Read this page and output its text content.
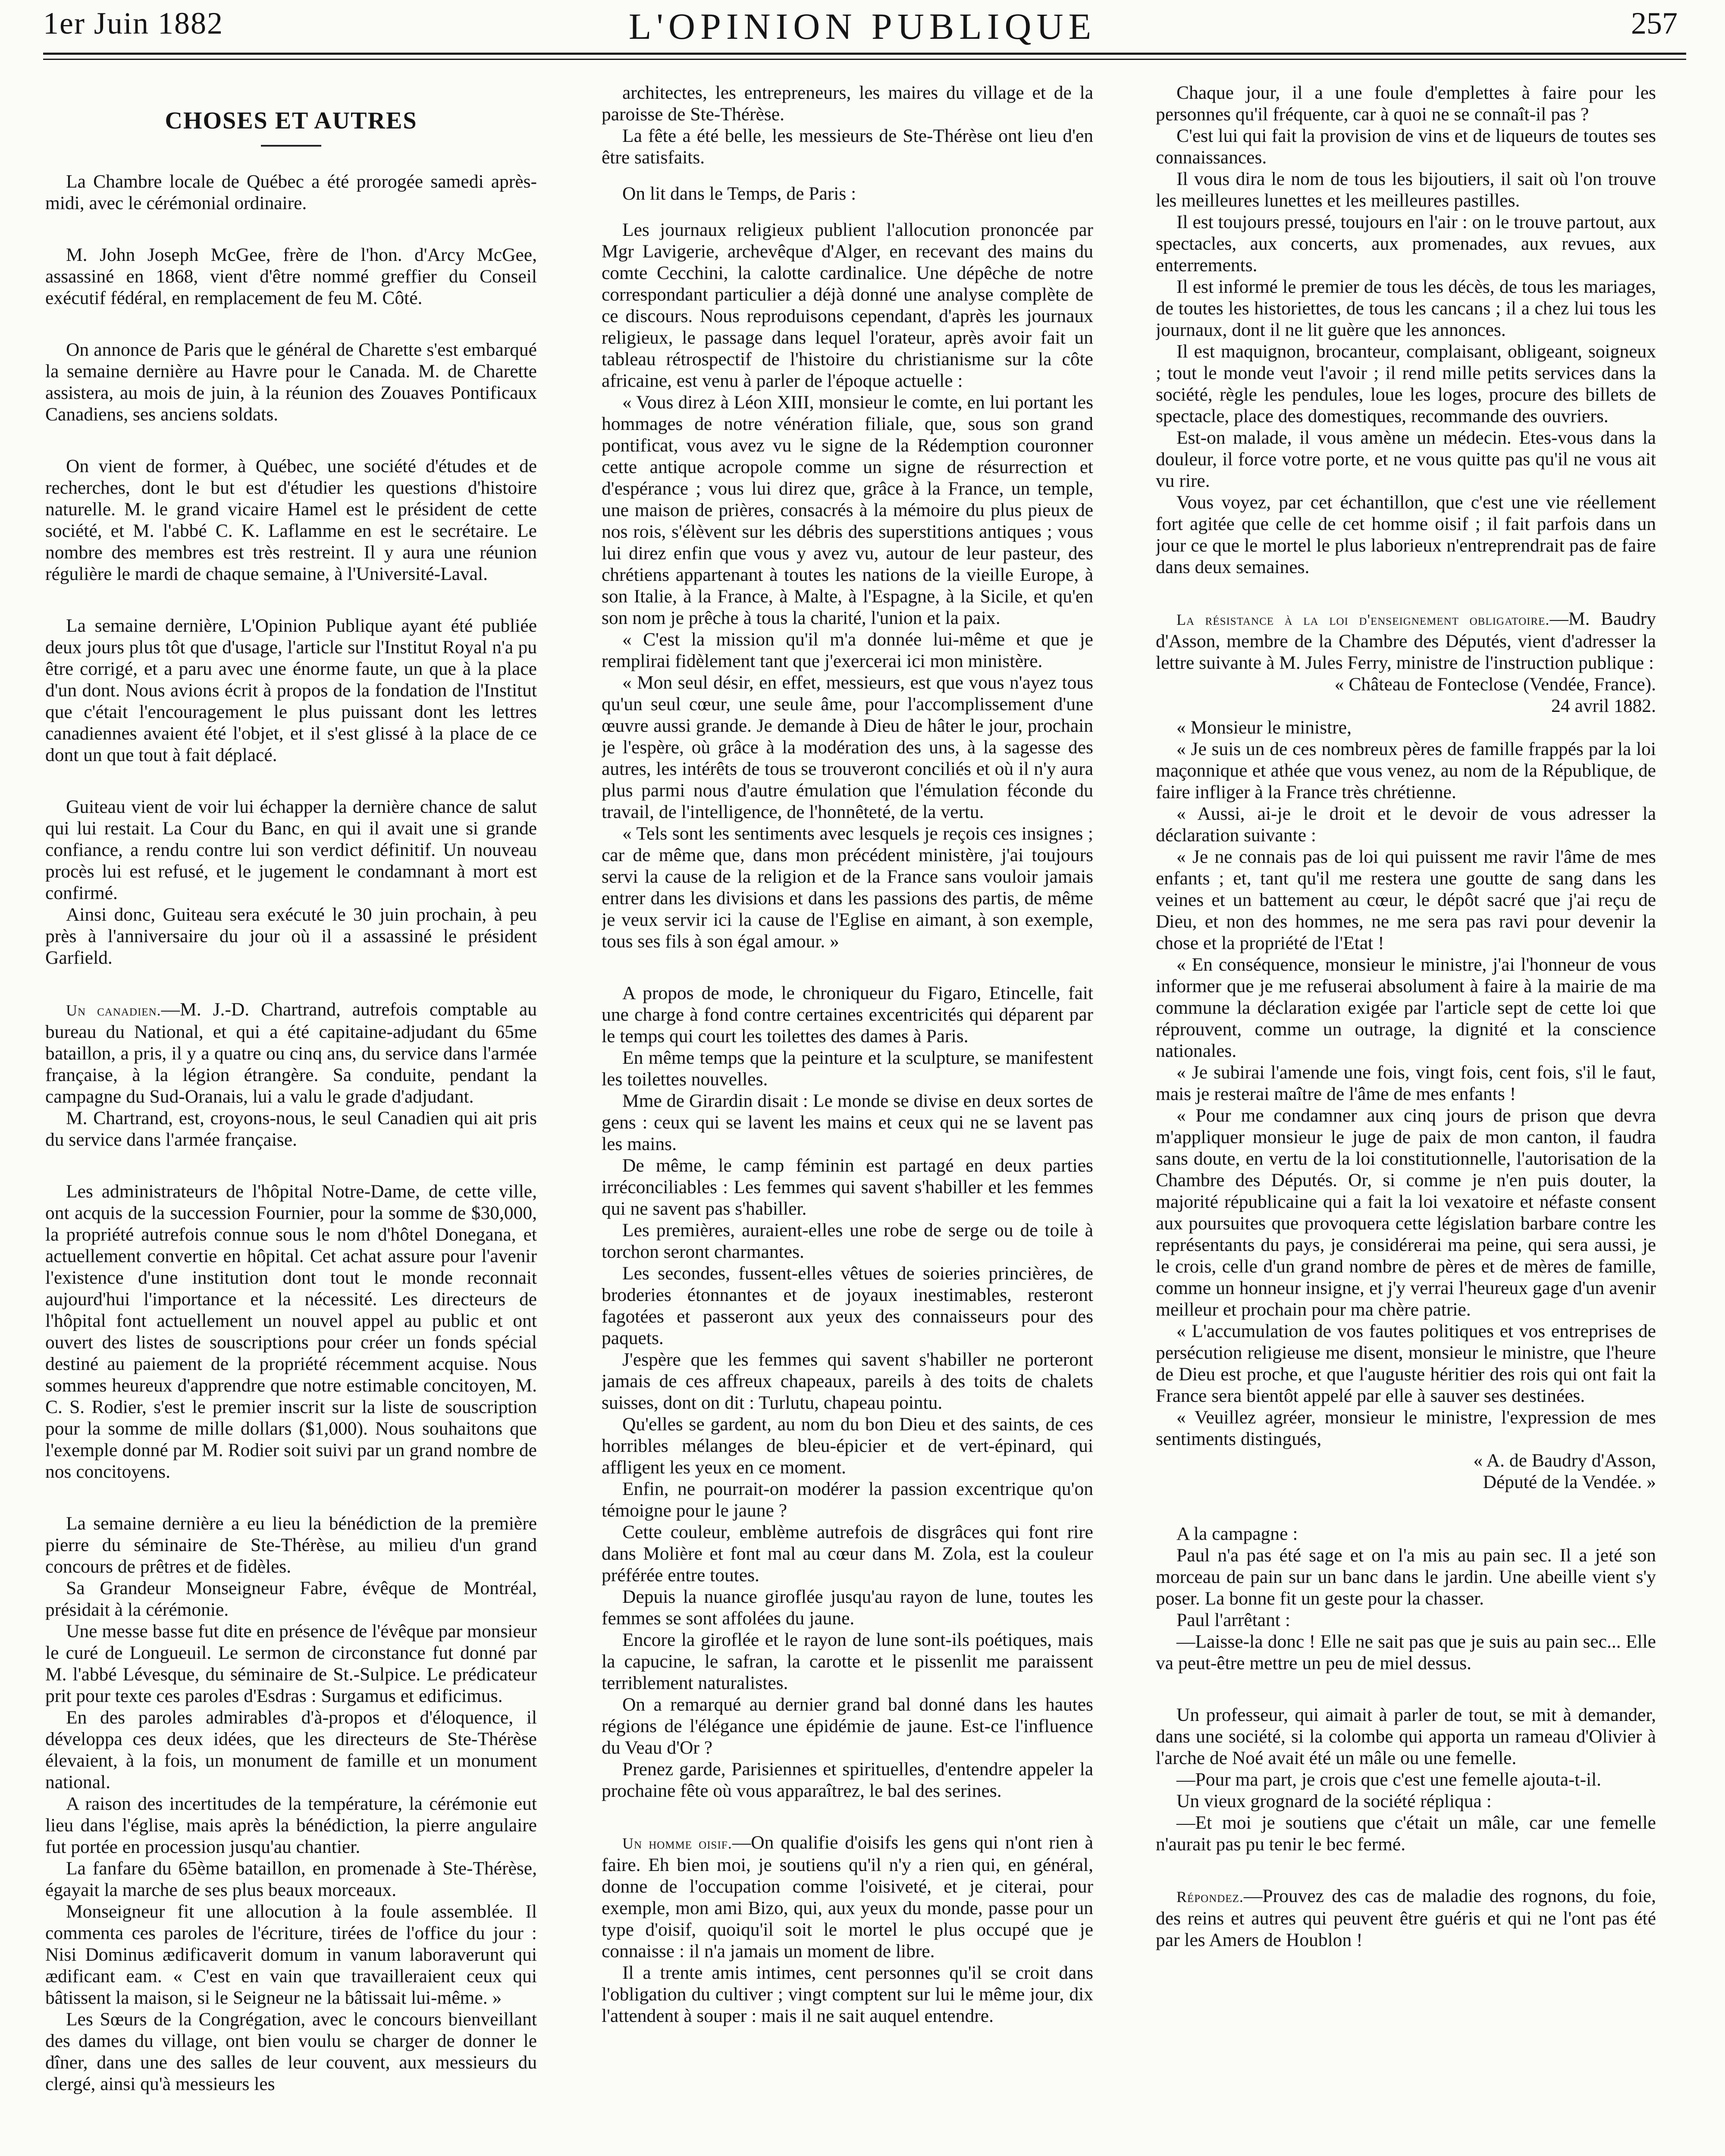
1er Juin 1882	L'OPINION PUBLIQUE	257
CHOSES ET AUTRES

La Chambre locale de Québec a été prorogée samedi après-midi, avec le cérémonial ordinaire.

M. John Joseph McGee, frère de l'hon. d'Arcy McGee, assassiné en 1868, vient d'être nommé greffier du Conseil exécutif fédéral, en remplacement de feu M. Côté.

On annonce de Paris que le général de Charette s'est embarqué la semaine dernière au Havre pour le Canada. M. de Charette assistera, au mois de juin, à la réunion des Zouaves Pontificaux Canadiens, ses anciens soldats.

On vient de former, à Québec, une société d'études et de recherches, dont le but est d'étudier les questions d'histoire naturelle. M. le grand vicaire Hamel est le président de cette société, et M. l'abbé C. K. Laflamme en est le secrétaire. Le nombre des membres est très restreint. Il y aura une réunion régulière le mardi de chaque semaine, à l'Université-Laval.

La semaine dernière, L'Opinion Publique ayant été publiée deux jours plus tôt que d'usage, l'article sur l'Institut Royal n'a pu être corrigé, et a paru avec une énorme faute, un que à la place d'un dont. Nous avions écrit à propos de la fondation de l'Institut que c'était l'encouragement le plus puissant dont les lettres canadiennes avaient été l'objet, et il s'est glissé à la place de ce dont un que tout à fait déplacé.

Guiteau vient de voir lui échapper la dernière chance de salut qui lui restait. La Cour du Banc, en qui il avait une si grande confiance, a rendu contre lui son verdict définitif. Un nouveau procès lui est refusé, et le jugement le condamnant à mort est confirmé.

Ainsi donc, Guiteau sera exécuté le 30 juin prochain, à peu près à l'anniversaire du jour où il a assassiné le président Garfield.

Un canadien.—M. J.-D. Chartrand, autrefois comptable au bureau du National, et qui a été capitaine-adjudant du 65me bataillon, a pris, il y a quatre ou cinq ans, du service dans l'armée française, à la légion étrangère. Sa conduite, pendant la campagne du Sud-Oranais, lui a valu le grade d'adjudant.

M. Chartrand, est, croyons-nous, le seul Canadien qui ait pris du service dans l'armée française.

Les administrateurs de l'hôpital Notre-Dame, de cette ville, ont acquis de la succession Fournier, pour la somme de $30,000, la propriété autrefois connue sous le nom d'hôtel Donegana, et actuellement convertie en hôpital. Cet achat assure pour l'avenir l'existence d'une institution dont tout le monde reconnait aujourd'hui l'importance et la nécessité. Les directeurs de l'hôpital font actuellement un nouvel appel au public et ont ouvert des listes de souscriptions pour créer un fonds spécial destiné au paiement de la propriété récemment acquise. Nous sommes heureux d'apprendre que notre estimable concitoyen, M. C. S. Rodier, s'est le premier inscrit sur la liste de souscription pour la somme de mille dollars ($1,000). Nous souhaitons que l'exemple donné par M. Rodier soit suivi par un grand nombre de nos concitoyens.

La semaine dernière a eu lieu la bénédiction de la première pierre du séminaire de Ste-Thérèse, au milieu d'un grand concours de prêtres et de fidèles.

Sa Grandeur Monseigneur Fabre, évêque de Montréal, présidait à la cérémonie.

Une messe basse fut dite en présence de l'évêque par monsieur le curé de Longueuil. Le sermon de circonstance fut donné par M. l'abbé Lévesque, du séminaire de St.-Sulpice. Le prédicateur prit pour texte ces paroles d'Esdras : Surgamus et edificimus.

En des paroles admirables d'à-propos et d'éloquence, il développa ces deux idées, que les directeurs de Ste-Thérèse élevaient, à la fois, un monument de famille et un monument national.

A raison des incertitudes de la température, la cérémonie eut lieu dans l'église, mais après la bénédiction, la pierre angulaire fut portée en procession jusqu'au chantier.

La fanfare du 65ème bataillon, en promenade à Ste-Thérèse, égayait la marche de ses plus beaux morceaux.

Monseigneur fit une allocution à la foule assemblée. Il commenta ces paroles de l'écriture, tirées de l'office du jour : Nisi Dominus ædificaverit domum in vanum laboraverunt qui ædificant eam. « C'est en vain que travailleraient ceux qui bâtissent la maison, si le Seigneur ne la bâtissait lui-même. »

Les Sœurs de la Congrégation, avec le concours bienveillant des dames du village, ont bien voulu se charger de donner le dîner, dans une des salles de leur couvent, aux messieurs du clergé, ainsi qu'à messieurs les

architectes, les entrepreneurs, les maires du village et de la paroisse de Ste-Thérèse.

La fête a été belle, les messieurs de Ste-Thérèse ont lieu d'en être satisfaits.

On lit dans le Temps, de Paris :

Les journaux religieux publient l'allocution prononcée par Mgr Lavigerie, archevêque d'Alger, en recevant des mains du comte Cecchini, la calotte cardinalice. Une dépêche de notre correspondant particulier a déjà donné une analyse complète de ce discours. Nous reproduisons cependant, d'après les journaux religieux, le passage dans lequel l'orateur, après avoir fait un tableau rétrospectif de l'histoire du christianisme sur la côte africaine, est venu à parler de l'époque actuelle :

« Vous direz à Léon XIII, monsieur le comte, en lui portant les hommages de notre vénération filiale, que, sous son grand pontificat, vous avez vu le signe de la Rédemption couronner cette antique acropole comme un signe de résurrection et d'espérance ; vous lui direz que, grâce à la France, un temple, une maison de prières, consacrés à la mémoire du plus pieux de nos rois, s'élèvent sur les débris des superstitions antiques ; vous lui direz enfin que vous y avez vu, autour de leur pasteur, des chrétiens appartenant à toutes les nations de la vieille Europe, à son Italie, à la France, à Malte, à l'Espagne, à la Sicile, et qu'en son nom je prêche à tous la charité, l'union et la paix.

« C'est la mission qu'il m'a donnée lui-même et que je remplirai fidèlement tant que j'exercerai ici mon ministère.

« Mon seul désir, en effet, messieurs, est que vous n'ayez tous qu'un seul cœur, une seule âme, pour l'accomplissement d'une œuvre aussi grande. Je demande à Dieu de hâter le jour, prochain je l'espère, où grâce à la modération des uns, à la sagesse des autres, les intérêts de tous se trouveront conciliés et où il n'y aura plus parmi nous d'autre émulation que l'émulation féconde du travail, de l'intelligence, de l'honnêteté, de la vertu.

« Tels sont les sentiments avec lesquels je reçois ces insignes ; car de même que, dans mon précédent ministère, j'ai toujours servi la cause de la religion et de la France sans vouloir jamais entrer dans les divisions et dans les passions des partis, de même je veux servir ici la cause de l'Eglise en aimant, à son exemple, tous ses fils à son égal amour. »

A propos de mode, le chroniqueur du Figaro, Etincelle, fait une charge à fond contre certaines excentricités qui déparent par le temps qui court les toilettes des dames à Paris.

En même temps que la peinture et la sculpture, se manifestent les toilettes nouvelles.

Mme de Girardin disait : Le monde se divise en deux sortes de gens : ceux qui se lavent les mains et ceux qui ne se lavent pas les mains.

De même, le camp féminin est partagé en deux parties irréconciliables : Les femmes qui savent s'habiller et les femmes qui ne savent pas s'habiller.

Les premières, auraient-elles une robe de serge ou de toile à torchon seront charmantes.

Les secondes, fussent-elles vêtues de soieries princières, de broderies étonnantes et de joyaux inestimables, resteront fagotées et passeront aux yeux des connaisseurs pour des paquets.

J'espère que les femmes qui savent s'habiller ne porteront jamais de ces affreux chapeaux, pareils à des toits de chalets suisses, dont on dit : Turlutu, chapeau pointu.

Qu'elles se gardent, au nom du bon Dieu et des saints, de ces horribles mélanges de bleu-épicier et de vert-épinard, qui affligent les yeux en ce moment.

Enfin, ne pourrait-on modérer la passion excentrique qu'on témoigne pour le jaune ?

Cette couleur, emblème autrefois de disgrâces qui font rire dans Molière et font mal au cœur dans M. Zola, est la couleur préférée entre toutes.

Depuis la nuance giroflée jusqu'au rayon de lune, toutes les femmes se sont affolées du jaune.

Encore la giroflée et le rayon de lune sont-ils poétiques, mais la capucine, le safran, la carotte et le pissenlit me paraissent terriblement naturalistes.

On a remarqué au dernier grand bal donné dans les hautes régions de l'élégance une épidémie de jaune. Est-ce l'influence du Veau d'Or ?

Prenez garde, Parisiennes et spirituelles, d'entendre appeler la prochaine fête où vous apparaîtrez, le bal des serines.

Un homme oisif.—On qualifie d'oisifs les gens qui n'ont rien à faire. Eh bien moi, je soutiens qu'il n'y a rien qui, en général, donne de l'occupation comme l'oisiveté, et je citerai, pour exemple, mon ami Bizo, qui, aux yeux du monde, passe pour un type d'oisif, quoiqu'il soit le mortel le plus occupé que je connaisse : il n'a jamais un moment de libre.

Il a trente amis intimes, cent personnes qu'il se croit dans l'obligation du cultiver ; vingt comptent sur lui le même jour, dix l'attendent à souper : mais il ne sait auquel entendre.

Chaque jour, il a une foule d'emplettes à faire pour les personnes qu'il fréquente, car à quoi ne se connaît-il pas ?

C'est lui qui fait la provision de vins et de liqueurs de toutes ses connaissances.

Il vous dira le nom de tous les bijoutiers, il sait où l'on trouve les meilleures lunettes et les meilleures pastilles.

Il est toujours pressé, toujours en l'air : on le trouve partout, aux spectacles, aux concerts, aux promenades, aux revues, aux enterrements.

Il est informé le premier de tous les décès, de tous les mariages, de toutes les historiettes, de tous les cancans ; il a chez lui tous les journaux, dont il ne lit guère que les annonces.

Il est maquignon, brocanteur, complaisant, obligeant, soigneux ; tout le monde veut l'avoir ; il rend mille petits services dans la société, règle les pendules, loue les loges, procure des billets de spectacle, place des domestiques, recommande des ouvriers.

Est-on malade, il vous amène un médecin. Etes-vous dans la douleur, il force votre porte, et ne vous quitte pas qu'il ne vous ait vu rire.

Vous voyez, par cet échantillon, que c'est une vie réellement fort agitée que celle de cet homme oisif ; il fait parfois dans un jour ce que le mortel le plus laborieux n'entreprendrait pas de faire dans deux semaines.

La résistance à la loi d'enseignement obligatoire.—M. Baudry d'Asson, membre de la Chambre des Députés, vient d'adresser la lettre suivante à M. Jules Ferry, ministre de l'instruction publique :

« Château de Fonteclose (Vendée, France).

24 avril 1882.

« Monsieur le ministre,

« Je suis un de ces nombreux pères de famille frappés par la loi maçonnique et athée que vous venez, au nom de la République, de faire infliger à la France très chrétienne.

« Aussi, ai-je le droit et le devoir de vous adresser la déclaration suivante :

« Je ne connais pas de loi qui puissent me ravir l'âme de mes enfants ; et, tant qu'il me restera une goutte de sang dans les veines et un battement au cœur, le dépôt sacré que j'ai reçu de Dieu, et non des hommes, ne me sera pas ravi pour devenir la chose et la propriété de l'Etat !

« En conséquence, monsieur le ministre, j'ai l'honneur de vous informer que je me refuserai absolument à faire à la mairie de ma commune la déclaration exigée par l'article sept de cette loi que réprouvent, comme un outrage, la dignité et la conscience nationales.

« Je subirai l'amende une fois, vingt fois, cent fois, s'il le faut, mais je resterai maître de l'âme de mes enfants !

« Pour me condamner aux cinq jours de prison que devra m'appliquer monsieur le juge de paix de mon canton, il faudra sans doute, en vertu de la loi constitutionnelle, l'autorisation de la Chambre des Députés. Or, si comme je n'en puis douter, la majorité républicaine qui a fait la loi vexatoire et néfaste consent aux poursuites que provoquera cette législation barbare contre les représentants du pays, je considérerai ma peine, qui sera aussi, je le crois, celle d'un grand nombre de pères et de mères de famille, comme un honneur insigne, et j'y verrai l'heureux gage d'un avenir meilleur et prochain pour ma chère patrie.

« L'accumulation de vos fautes politiques et vos entreprises de persécution religieuse me disent, monsieur le ministre, que l'heure de Dieu est proche, et que l'auguste héritier des rois qui ont fait la France sera bientôt appelé par elle à sauver ses destinées.

« Veuillez agréer, monsieur le ministre, l'expression de mes sentiments distingués,

« A. de Baudry d'Asson,

Député de la Vendée. »

A la campagne :

Paul n'a pas été sage et on l'a mis au pain sec. Il a jeté son morceau de pain sur un banc dans le jardin. Une abeille vient s'y poser. La bonne fit un geste pour la chasser.

Paul l'arrêtant :

—Laisse-la donc ! Elle ne sait pas que je suis au pain sec... Elle va peut-être mettre un peu de miel dessus.

Un professeur, qui aimait à parler de tout, se mit à demander, dans une société, si la colombe qui apporta un rameau d'Olivier à l'arche de Noé avait été un mâle ou une femelle.

—Pour ma part, je crois que c'est une femelle ajouta-t-il.

Un vieux grognard de la société répliqua :

—Et moi je soutiens que c'était un mâle, car une femelle n'aurait pas pu tenir le bec fermé.

Répondez.—Prouvez des cas de maladie des rognons, du foie, des reins et autres qui peuvent être guéris et qui ne l'ont pas été par les Amers de Houblon !
